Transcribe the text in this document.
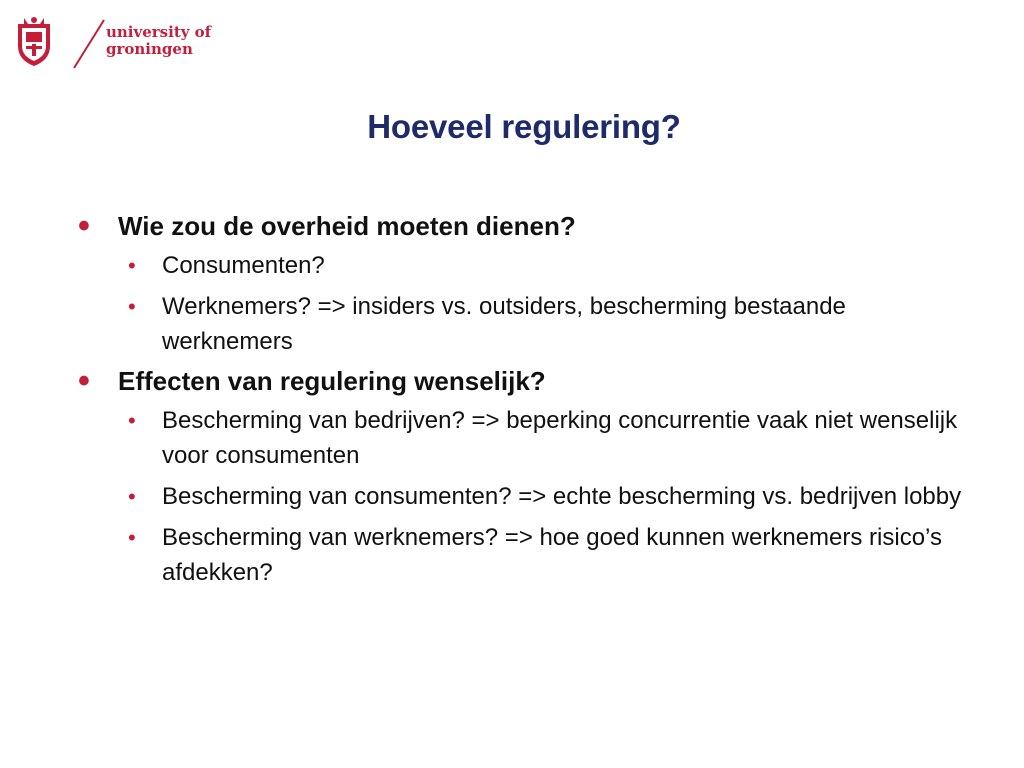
university of
groningen
Hoeveel regulering?
• Wie zou de overheid moeten dienen?
• Consumenten?
• Werknemers? => insiders vs. outsiders, bescherming bestaande werknemers
• Effecten van regulering wenselijk?
• Bescherming van bedrijven? => beperking concurrentie vaak niet wenselijk voor consumenten
• Bescherming van consumenten? => echte bescherming vs. bedrijven lobby
• Bescherming van werknemers? => hoe goed kunnen werknemers risico’s afdekken?
